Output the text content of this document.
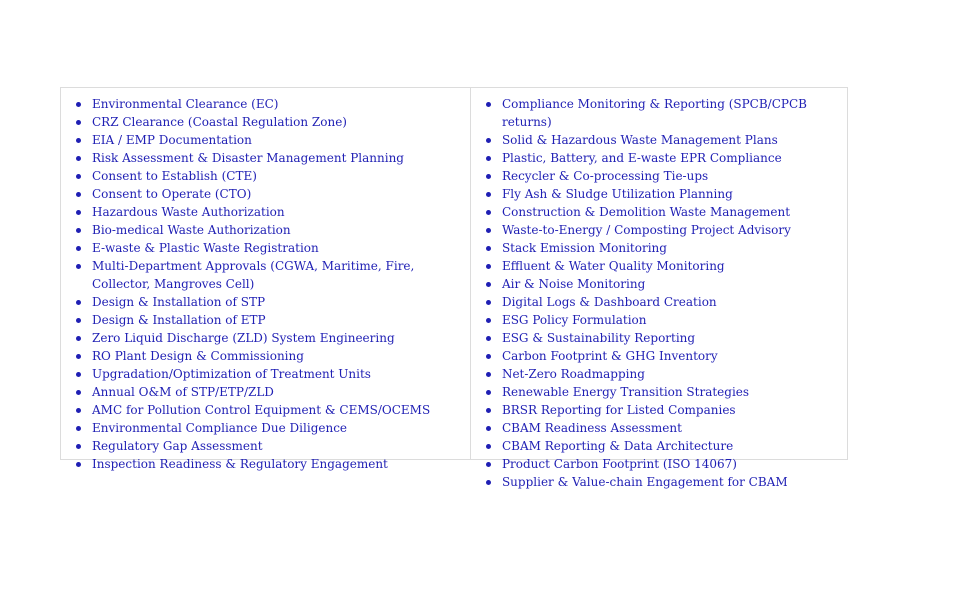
Environmental Clearance (EC)
CRZ Clearance (Coastal Regulation Zone)
EIA / EMP Documentation
Risk Assessment & Disaster Management Planning
Consent to Establish (CTE)
Consent to Operate (CTO)
Hazardous Waste Authorization
Bio-medical Waste Authorization
E-waste & Plastic Waste Registration
Multi-Department Approvals (CGWA, Maritime, Fire, Collector, Mangroves Cell)
Design & Installation of STP
Design & Installation of ETP
Zero Liquid Discharge (ZLD) System Engineering
RO Plant Design & Commissioning
Upgradation/Optimization of Treatment Units
Annual O&M of STP/ETP/ZLD
AMC for Pollution Control Equipment & CEMS/OCEMS
Environmental Compliance Due Diligence
Regulatory Gap Assessment
Inspection Readiness & Regulatory Engagement
Compliance Monitoring & Reporting (SPCB/CPCB returns)
Solid & Hazardous Waste Management Plans
Plastic, Battery, and E-waste EPR Compliance
Recycler & Co-processing Tie-ups
Fly Ash & Sludge Utilization Planning
Construction & Demolition Waste Management
Waste-to-Energy / Composting Project Advisory
Stack Emission Monitoring
Effluent & Water Quality Monitoring
Air & Noise Monitoring
Digital Logs & Dashboard Creation
ESG Policy Formulation
ESG & Sustainability Reporting
Carbon Footprint & GHG Inventory
Net-Zero Roadmapping
Renewable Energy Transition Strategies
BRSR Reporting for Listed Companies
CBAM Readiness Assessment
CBAM Reporting & Data Architecture
Product Carbon Footprint (ISO 14067)
Supplier & Value-chain Engagement for CBAM
